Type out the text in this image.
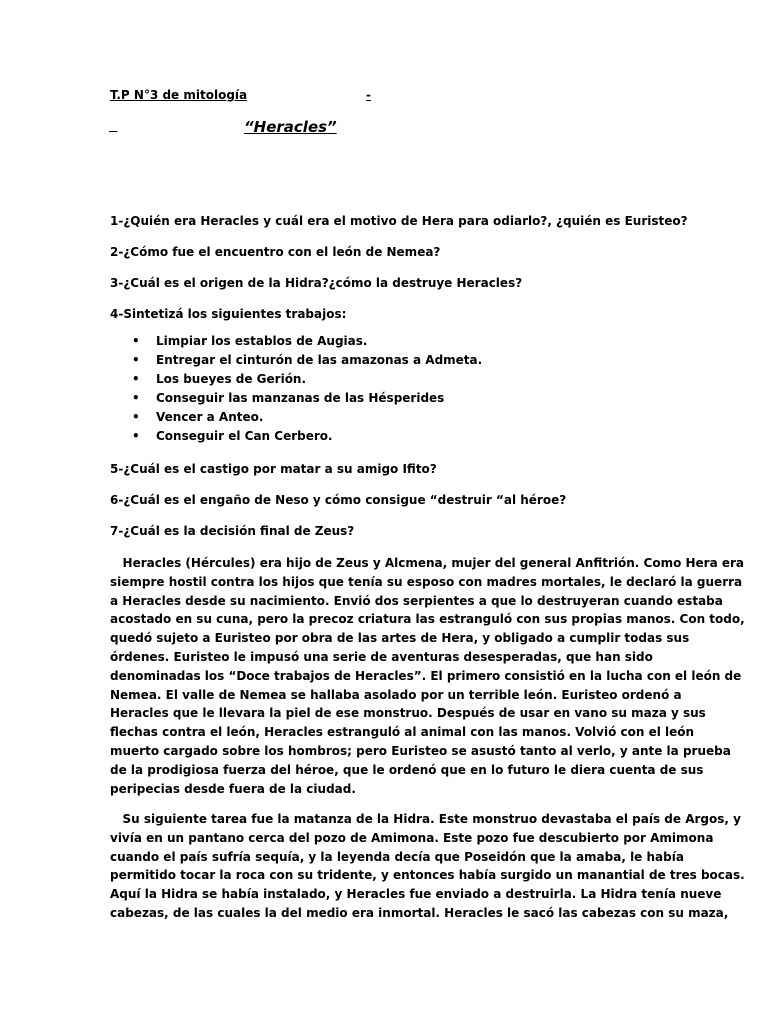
T.P N°3 de mitología	-

“Heracles”

1-¿Quién era Heracles y cuál era el motivo de Hera para odiarlo?, ¿quién es Euristeo?

2-¿Cómo fue el encuentro con el león de Nemea?

3-¿Cuál es el origen de la Hidra?¿cómo la destruye Heracles?

4-Sintetizá los siguientes trabajos:

• Limpiar los establos de Augias.
• Entregar el cinturón de las amazonas a Admeta.
• Los bueyes de Gerión.
• Conseguir las manzanas de las Hésperides
• Vencer a Anteo.
• Conseguir el Can Cerbero.

5-¿Cuál es el castigo por matar a su amigo Ifito?

6-¿Cuál es el engaño de Neso y cómo consigue “destruir “al héroe?

7-¿Cuál es la decisión final de Zeus?

Heracles (Hércules) era hijo de Zeus y Alcmena, mujer del general Anfitrión. Como Hera era
siempre hostil contra los hijos que tenía su esposo con madres mortales, le declaró la guerra
a Heracles desde su nacimiento. Envió dos serpientes a que lo destruyeran cuando estaba
acostado en su cuna, pero la precoz criatura las estranguló con sus propias manos. Con todo,
quedó sujeto a Euristeo por obra de las artes de Hera, y obligado a cumplir todas sus
órdenes. Euristeo le impusó una serie de aventuras desesperadas, que han sido
denominadas los “Doce trabajos de Heracles”. El primero consistió en la lucha con el león de
Nemea. El valle de Nemea se hallaba asolado por un terrible león. Euristeo ordenó a
Heracles que le llevara la piel de ese monstruo. Después de usar en vano su maza y sus
flechas contra el león, Heracles estranguló al animal con las manos. Volvió con el león
muerto cargado sobre los hombros; pero Euristeo se asustó tanto al verlo, y ante la prueba
de la prodigiosa fuerza del héroe, que le ordenó que en lo futuro le diera cuenta de sus
peripecias desde fuera de la ciudad.

Su siguiente tarea fue la matanza de la Hidra. Este monstruo devastaba el país de Argos, y
vivía en un pantano cerca del pozo de Amimona. Este pozo fue descubierto por Amimona
cuando el país sufría sequía, y la leyenda decía que Poseidón que la amaba, le había
permitido tocar la roca con su tridente, y entonces había surgido un manantial de tres bocas.
Aquí la Hidra se había instalado, y Heracles fue enviado a destruirla. La Hidra tenía nueve
cabezas, de las cuales la del medio era inmortal. Heracles le sacó las cabezas con su maza,
